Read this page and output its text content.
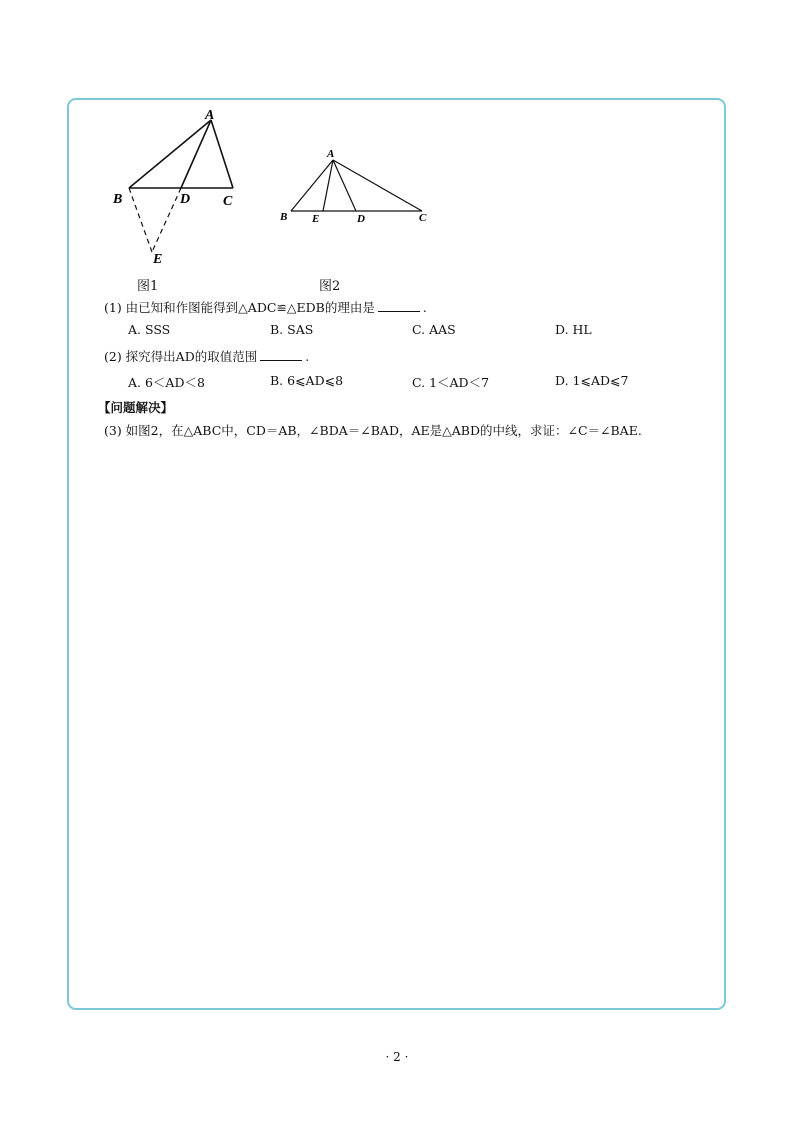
A
B	C
D
E
图1
A
B	C
D
E
图2
(1) 由已知和作图能得到△ADC≌△EDB的理由是	.
A. SSS	B. SAS	C. AAS	D. HL
(2) 探究得出AD的取值范围	.
A. 6＜AD＜8	B. 6⩽AD⩽8	C. 1＜AD＜7	D. 1⩽AD⩽7
【问题解决】
(3) 如图2，在△ABC中，CD＝AB，∠BDA＝∠BAD，AE是△ABD的中线，求证：∠C＝∠BAE.
· 2 ·
